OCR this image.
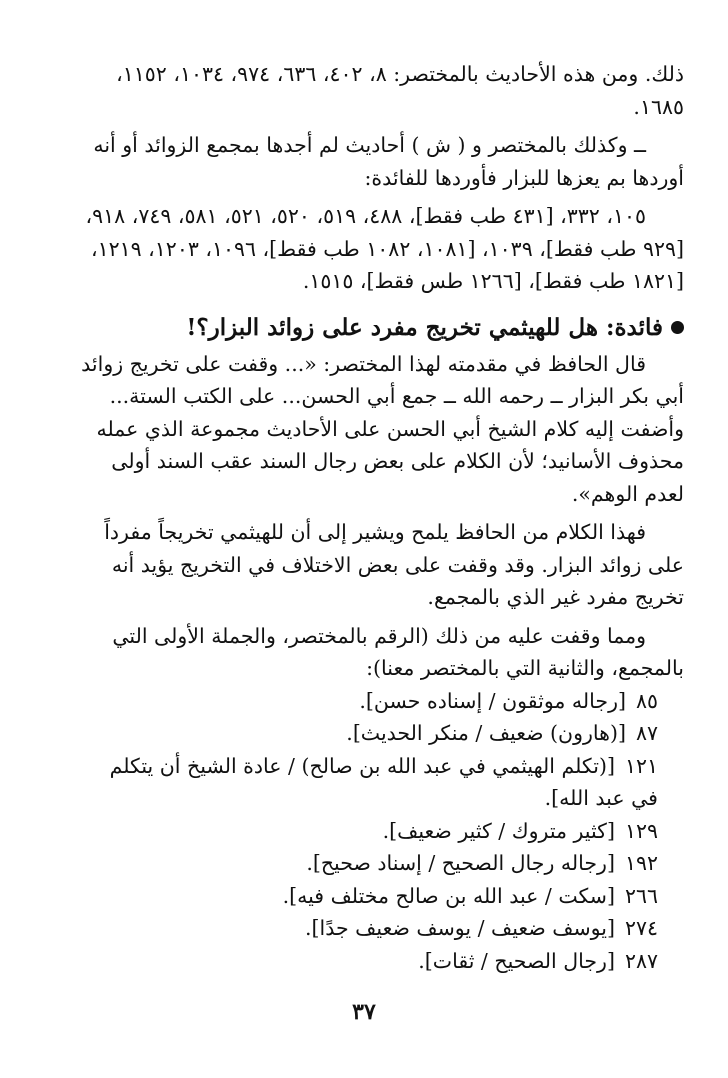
ذلك. ومن هذه الأحاديث بالمختصر: ٨، ٤٠٢، ٦٣٦، ٩٧٤، ١٠٣٤، ١١٥٢، ١٦٨٥.

ــ وكذلك بالمختصر و ( ش ) أحاديث لم أجدها بمجمع الزوائد أو أنه أوردها بم يعزها للبزار فأوردها للفائدة:

١٠٥، ٣٣٢، [٤٣١ طب فقط]، ٤٨٨، ٥١٩، ٥٢٠، ٥٢١، ٥٨١، ٧٤٩، ٩١٨، [٩٢٩ طب فقط]، ١٠٣٩، [١٠٨١، ١٠٨٢ طب فقط]، ١٠٩٦، ١٢٠٣، ١٢١٩، [١٨٢١ طب فقط]، [١٢٦٦ طس فقط]، ١٥١٥.

فائدة: هل للهيثمي تخريج مفرد على زوائد البزار؟!

قال الحافظ في مقدمته لهذا المختصر: «... وقفت على تخريج زوائد أبي بكر البزار ــ رحمه الله ــ جمع أبي الحسن... على الكتب الستة... وأضفت إليه كلام الشيخ أبي الحسن على الأحاديث مجموعة الذي عمله محذوف الأسانيد؛ لأن الكلام على بعض رجال السند عقب السند أولى لعدم الوهم».

فهذا الكلام من الحافظ يلمح ويشير إلى أن للهيثمي تخريجاً مفرداً على زوائد البزار. وقد وقفت على بعض الاختلاف في التخريج يؤيد أنه تخريج مفرد غير الذي بالمجمع.

ومما وقفت عليه من ذلك (الرقم بالمختصر، والجملة الأولى التي بالمجمع، والثانية التي بالمختصر معنا):

٨٥[رجاله موثقون / إسناده حسن].
٨٧[(هارون) ضعيف / منكر الحديث].
١٢١[(تكلم الهيثمي في عبد الله بن صالح) / عادة الشيخ أن يتكلم في عبد الله].
١٢٩[كثير متروك / كثير ضعيف].
١٩٢[رجاله رجال الصحيح / إسناد صحيح].
٢٦٦[سكت / عبد الله بن صالح مختلف فيه].
٢٧٤[يوسف ضعيف / يوسف ضعيف جدًا].
٢٨٧[رجال الصحيح / ثقات].
٣٧
